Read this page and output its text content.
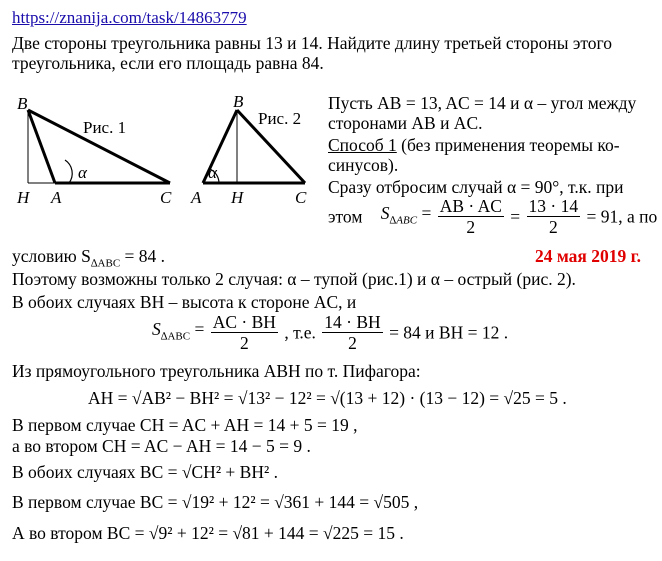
https://znanija.com/task/14863779
Две стороны треугольника равны 13 и 14. Найдите длину третьей стороны этого
треугольника, если его площадь равна 84.
B
H A	C
α
Рис. 1
B
A H	C
α
Рис. 2
Пусть AB = 13, AC = 14 и α – угол между
сторонами AB и AC.
Способ 1 (без применения теоремы ко-
синусов).
Сразу отбросим случай α = 90°, т.к. при
этом $S_{\Delta ABC} = \frac{AB \cdot AC}{2} = \frac{13 \cdot 14}{2} = 91$, а по
условию $S_{\Delta ABC} = 84$ .	24 мая 2019 г.
Поэтому возможны только 2 случая: α – тупой (рис.1) и α – острый (рис. 2).
В обоих случаях BH – высота к стороне AC, и
$S_{\Delta ABC} = \frac{AC \cdot BH}{2}$ , т.е. $\frac{14 \cdot BH}{2} = 84$ и BH = 12 .
Из прямоугольного треугольника ABH по т. Пифагора:
AH = √AB² − BH² = √13² − 12² = √(13 + 12) · (13 − 12) = √25 = 5 .
В первом случае CH = AC + AH = 14 + 5 = 19 ,
а во втором CH = AC − AH = 14 − 5 = 9 .
В обоих случаях BC = √CH² + BH² .
В первом случае BC = √19² + 12² = √361 + 144 = √505 ,
А во втором BC = √9² + 12² = √81 + 144 = √225 = 15 .
